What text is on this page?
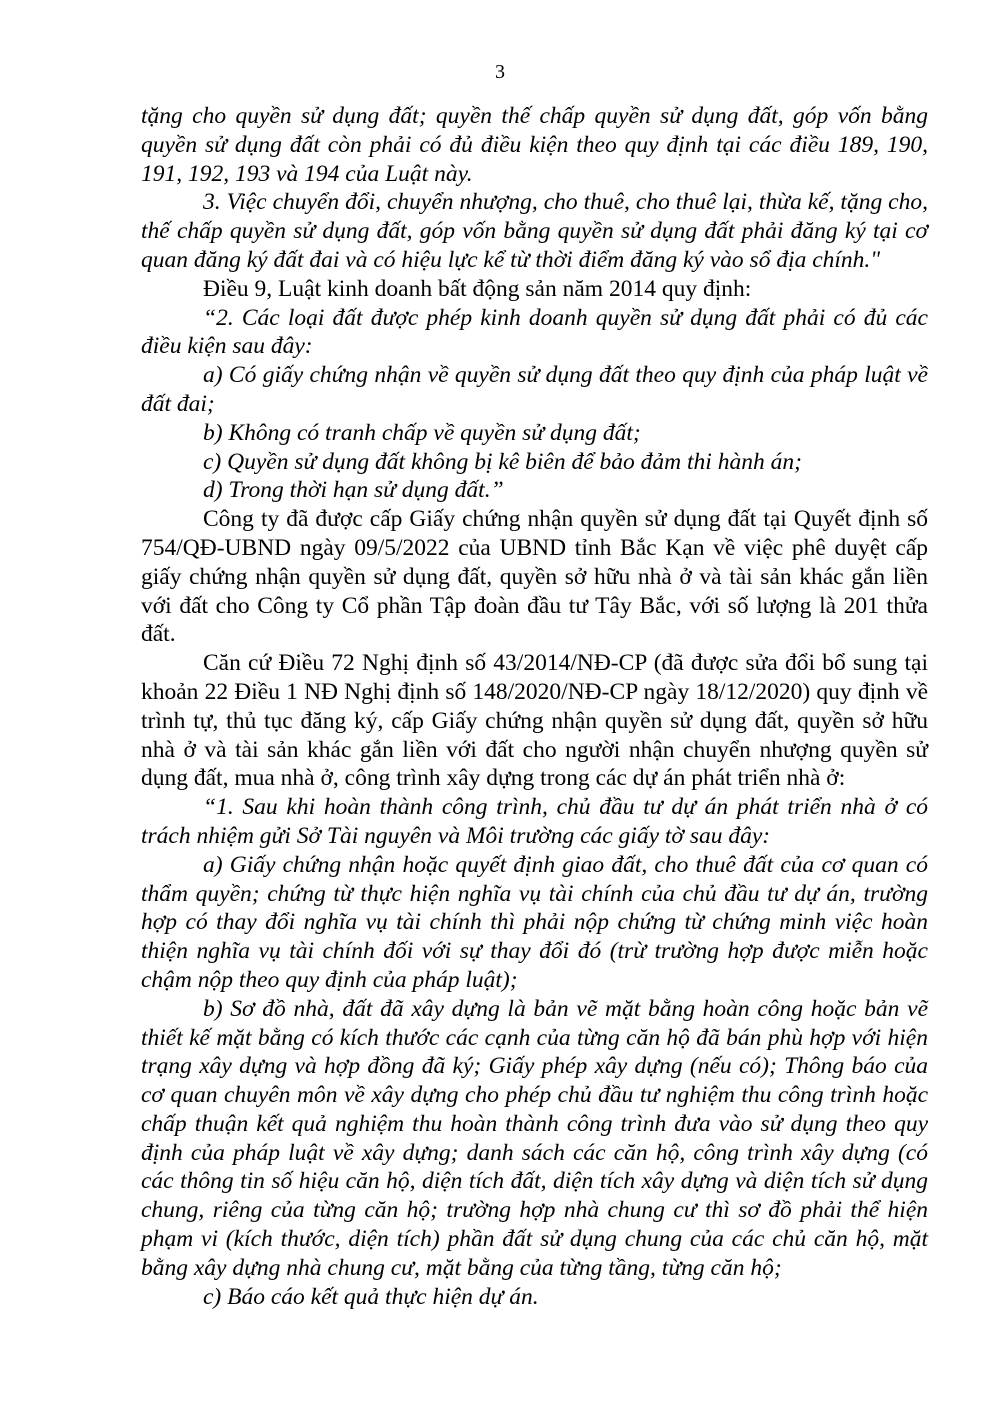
3

tặng cho quyền sử dụng đất; quyền thế chấp quyền sử dụng đất, góp vốn bằng quyền sử dụng đất còn phải có đủ điều kiện theo quy định tại các điều 189, 190, 191, 192, 193 và 194 của Luật này.

3. Việc chuyển đổi, chuyển nhượng, cho thuê, cho thuê lại, thừa kế, tặng cho, thế chấp quyền sử dụng đất, góp vốn bằng quyền sử dụng đất phải đăng ký tại cơ quan đăng ký đất đai và có hiệu lực kể từ thời điểm đăng ký vào sổ địa chính."

Điều 9, Luật kinh doanh bất động sản năm 2014 quy định:

“2. Các loại đất được phép kinh doanh quyền sử dụng đất phải có đủ các điều kiện sau đây:

a) Có giấy chứng nhận về quyền sử dụng đất theo quy định của pháp luật về đất đai;

b) Không có tranh chấp về quyền sử dụng đất;

c) Quyền sử dụng đất không bị kê biên để bảo đảm thi hành án;

d) Trong thời hạn sử dụng đất.”

Công ty đã được cấp Giấy chứng nhận quyền sử dụng đất tại Quyết định số 754/QĐ-UBND ngày 09/5/2022 của UBND tỉnh Bắc Kạn về việc phê duyệt cấp giấy chứng nhận quyền sử dụng đất, quyền sở hữu nhà ở và tài sản khác gắn liền với đất cho Công ty Cổ phần Tập đoàn đầu tư Tây Bắc, với số lượng là 201 thửa đất.

Căn cứ Điều 72 Nghị định số 43/2014/NĐ-CP (đã được sửa đổi bổ sung tại khoản 22 Điều 1 NĐ Nghị định số 148/2020/NĐ-CP ngày 18/12/2020) quy định về trình tự, thủ tục đăng ký, cấp Giấy chứng nhận quyền sử dụng đất, quyền sở hữu nhà ở và tài sản khác gắn liền với đất cho người nhận chuyển nhượng quyền sử dụng đất, mua nhà ở, công trình xây dựng trong các dự án phát triển nhà ở:

“1. Sau khi hoàn thành công trình, chủ đầu tư dự án phát triển nhà ở có trách nhiệm gửi Sở Tài nguyên và Môi trường các giấy tờ sau đây:

a) Giấy chứng nhận hoặc quyết định giao đất, cho thuê đất của cơ quan có thẩm quyền; chứng từ thực hiện nghĩa vụ tài chính của chủ đầu tư dự án, trường hợp có thay đổi nghĩa vụ tài chính thì phải nộp chứng từ chứng minh việc hoàn thiện nghĩa vụ tài chính đối với sự thay đổi đó (trừ trường hợp được miễn hoặc chậm nộp theo quy định của pháp luật);

b) Sơ đồ nhà, đất đã xây dựng là bản vẽ mặt bằng hoàn công hoặc bản vẽ thiết kế mặt bằng có kích thước các cạnh của từng căn hộ đã bán phù hợp với hiện trạng xây dựng và hợp đồng đã ký; Giấy phép xây dựng (nếu có); Thông báo của cơ quan chuyên môn về xây dựng cho phép chủ đầu tư nghiệm thu công trình hoặc chấp thuận kết quả nghiệm thu hoàn thành công trình đưa vào sử dụng theo quy định của pháp luật về xây dựng; danh sách các căn hộ, công trình xây dựng (có các thông tin số hiệu căn hộ, diện tích đất, diện tích xây dựng và diện tích sử dụng chung, riêng của từng căn hộ; trường hợp nhà chung cư thì sơ đồ phải thể hiện phạm vi (kích thước, diện tích) phần đất sử dụng chung của các chủ căn hộ, mặt bằng xây dựng nhà chung cư, mặt bằng của từng tầng, từng căn hộ;

c) Báo cáo kết quả thực hiện dự án.
